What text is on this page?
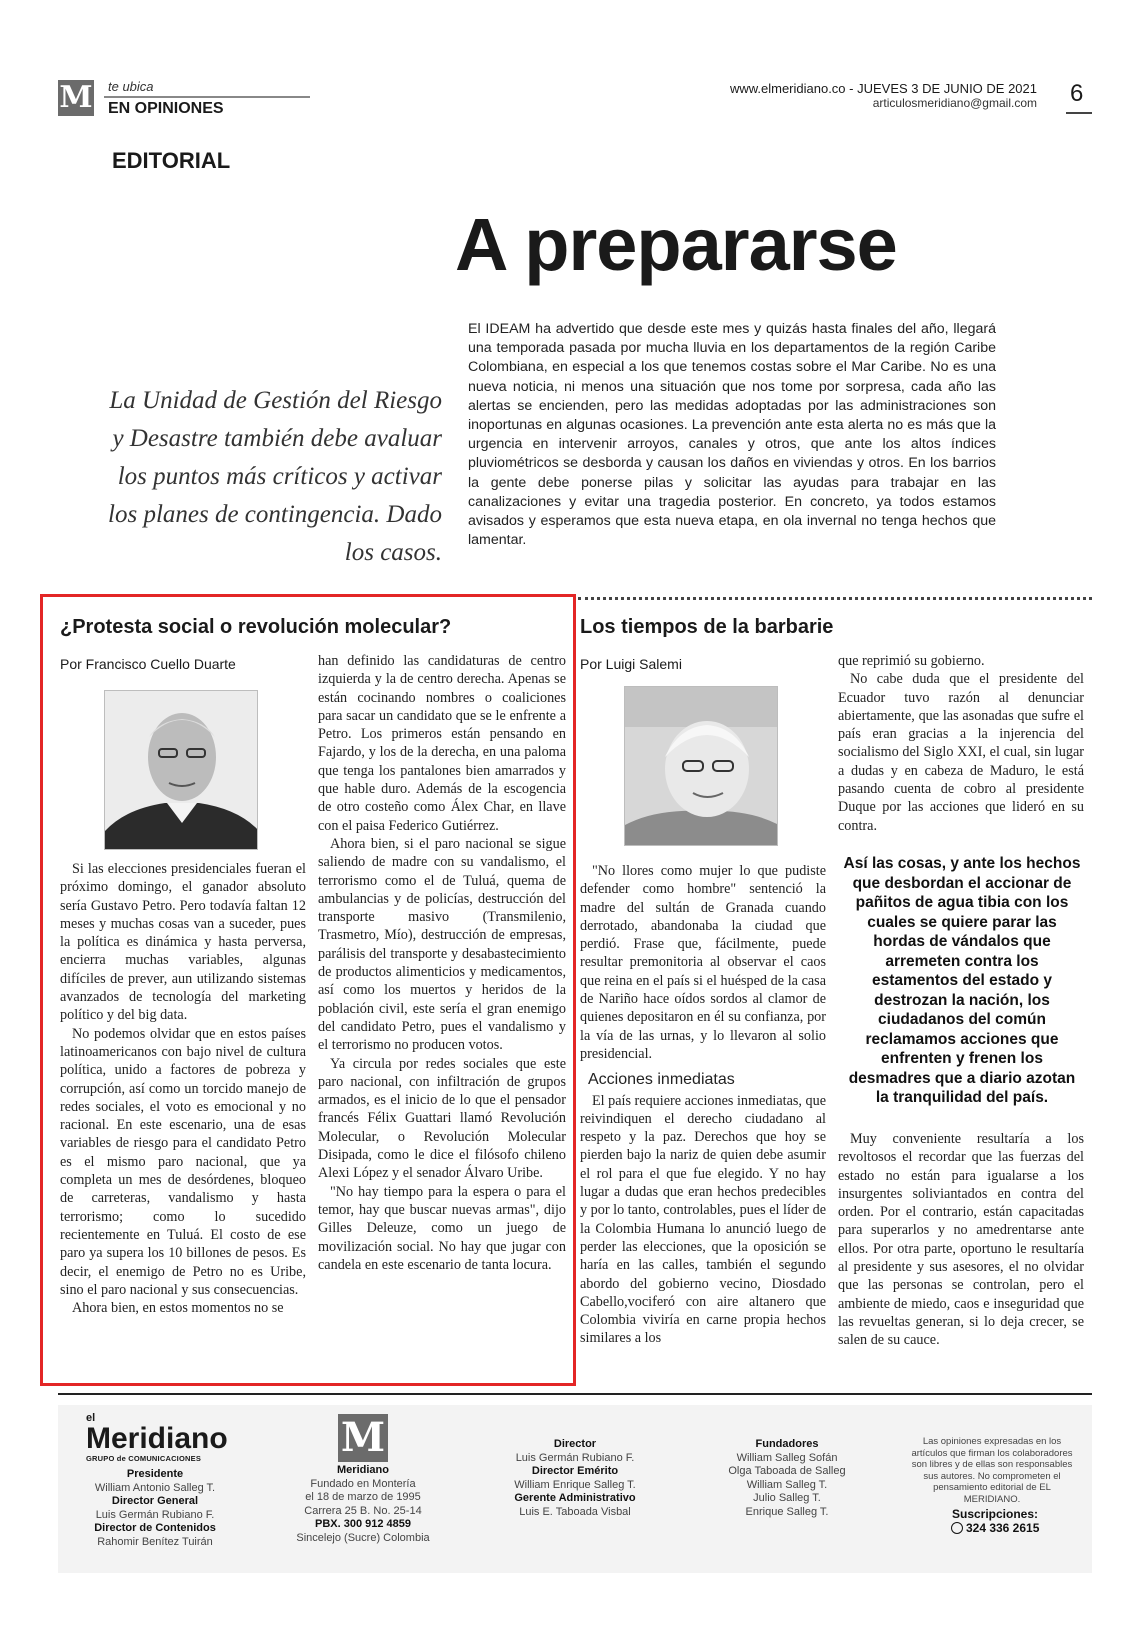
M te ubica
EN OPINIONES
www.elmeridiano.co - JUEVES 3 DE JUNIO DE 2021
articulosmeridiano@gmail.com 6
EDITORIAL
A prepararse
La Unidad de Gestión del Riesgo y Desastre también debe avaluar los puntos más críticos y activar los planes de contingencia. Dado los casos.
El IDEAM ha advertido que desde este mes y quizás hasta finales del año, llegará una temporada pasada por mucha lluvia en los departamentos de la región Caribe Colombiana, en especial a los que tenemos costas sobre el Mar Caribe. No es una nueva noticia, ni menos una situación que nos tome por sorpresa, cada año las alertas se encienden, pero las medidas adoptadas por las administraciones son inoportunas en algunas ocasiones. La prevención ante esta alerta no es más que la urgencia en intervenir arroyos, canales y otros, que ante los altos índices pluviométricos se desborda y causan los daños en viviendas y otros. En los barrios la gente debe ponerse pilas y solicitar las ayudas para trabajar en las canalizaciones y evitar una tragedia posterior. En concreto, ya todos estamos avisados y esperamos que esta nueva etapa, en ola invernal no tenga hechos que lamentar.
¿Protesta social o revolución molecular?
Por Francisco Cuello Duarte

Si las elecciones presidenciales fueran el próximo domingo, el ganador absoluto sería Gustavo Petro. Pero todavía faltan 12 meses y muchas cosas van a suceder, pues la política es dinámica y hasta perversa, encierra muchas variables, algunas difíciles de prever, aun utilizando sistemas avanzados de tecnología del marketing político y del big data.

No podemos olvidar que en estos países latinoamericanos con bajo nivel de cultura política, unido a factores de pobreza y corrupción, así como un torcido manejo de redes sociales, el voto es emocional y no racional. En este escenario, una de esas variables de riesgo para el candidato Petro es el mismo paro nacional, que ya completa un mes de desórdenes, bloqueo de carreteras, vandalismo y hasta terrorismo; como lo sucedido recientemente en Tuluá. El costo de ese paro ya supera los 10 billones de pesos. Es decir, el enemigo de Petro no es Uribe, sino el paro nacional y sus consecuencias.

Ahora bien, en estos momentos no se

han definido las candidaturas de centro izquierda y la de centro derecha. Apenas se están cocinando nombres o coaliciones para sacar un candidato que se le enfrente a Petro. Los primeros están pensando en Fajardo, y los de la derecha, en una paloma que tenga los pantalones bien amarrados y que hable duro. Además de la escogencia de otro costeño como Álex Char, en llave con el paisa Federico Gutiérrez.

Ahora bien, si el paro nacional se sigue saliendo de madre con su vandalismo, el terrorismo como el de Tuluá, quema de ambulancias y de policías, destrucción del transporte masivo (Transmilenio, Trasmetro, Mío), destrucción de empresas, parálisis del transporte y desabastecimiento de productos alimenticios y medicamentos, así como los muertos y heridos de la población civil, este sería el gran enemigo del candidato Petro, pues el vandalismo y el terrorismo no producen votos.

Ya circula por redes sociales que este paro nacional, con infiltración de grupos armados, es el inicio de lo que el pensador francés Félix Guattari llamó Revolución Molecular, o Revolución Molecular Disipada, como le dice el filósofo chileno Alexi López y el senador Álvaro Uribe.

"No hay tiempo para la espera o para el temor, hay que buscar nuevas armas", dijo Gilles Deleuze, como un juego de movilización social. No hay que jugar con candela en este escenario de tanta locura.

Los tiempos de la barbarie
Por Luigi Salemi

"No llores como mujer lo que pudiste defender como hombre" sentenció la madre del sultán de Granada cuando derrotado, abandonaba la ciudad que perdió. Frase que, fácilmente, puede resultar premonitoria al observar el caos que reina en el país si el huésped de la casa de Nariño hace oídos sordos al clamor de quienes depositaron en él su confianza, por la vía de las urnas, y lo llevaron al solio presidencial.

Acciones inmediatas

El país requiere acciones inmediatas, que reivindiquen el derecho ciudadano al respeto y la paz. Derechos que hoy se pierden bajo la nariz de quien debe asumir el rol para el que fue elegido. Y no hay lugar a dudas que eran hechos predecibles y por lo tanto, controlables, pues el líder de la Colombia Humana lo anunció luego de perder las elecciones, que la oposición se haría en las calles, también el segundo abordo del gobierno vecino, Diosdado Cabello,vociferó con aire altanero que Colombia viviría en carne propia hechos similares a los

que reprimió su gobierno.

No cabe duda que el presidente del Ecuador tuvo razón al denunciar abiertamente, que las asonadas que sufre el país eran gracias a la injerencia del socialismo del Siglo XXI, el cual, sin lugar a dudas y en cabeza de Maduro, le está pasando cuenta de cobro al presidente Duque por las acciones que lideró en su contra.

Así las cosas, y ante los hechos que desbordan el accionar de pañitos de agua tibia con los cuales se quiere parar las hordas de vándalos que arremeten contra los estamentos del estado y destrozan la nación, los ciudadanos del común reclamamos acciones que enfrenten y frenen los desmadres que a diario azotan la tranquilidad del país.

Muy conveniente resultaría a los revoltosos el recordar que las fuerzas del estado no están para igualarse a los insurgentes soliviantados en contra del orden. Por el contrario, están capacitadas para superarlos y no amedrentarse ante ellos. Por otra parte, oportuno le resultaría al presidente y sus asesores, el no olvidar que las personas se controlan, pero el ambiente de miedo, caos e inseguridad que las revueltas generan, si lo deja crecer, se salen de su cauce.

el
Meridiano
GRUPO de COMUNICACIONES
Presidente
William Antonio Salleg T.
Director General
Luis Germán Rubiano F.
Director de Contenidos
Rahomir Benítez Tuirán
M
Meridiano
Fundado en Montería
el 18 de marzo de 1995
Carrera 25 B. No. 25-14
PBX. 300 912 4859
Sincelejo (Sucre) Colombia
Director
Luis Germán Rubiano F.
Director Emérito
William Enrique Salleg T.
Gerente Administrativo
Luis E. Taboada Visbal
Fundadores
William Salleg Sofán
Olga Taboada de Salleg
William Salleg T.
Julio Salleg T.
Enrique Salleg T.
Las opiniones expresadas en los artículos que firman los colaboradores son libres y de ellas son responsables sus autores. No comprometen el pensamiento editorial de EL MERIDIANO.
Suscripciones:
324 336 2615
